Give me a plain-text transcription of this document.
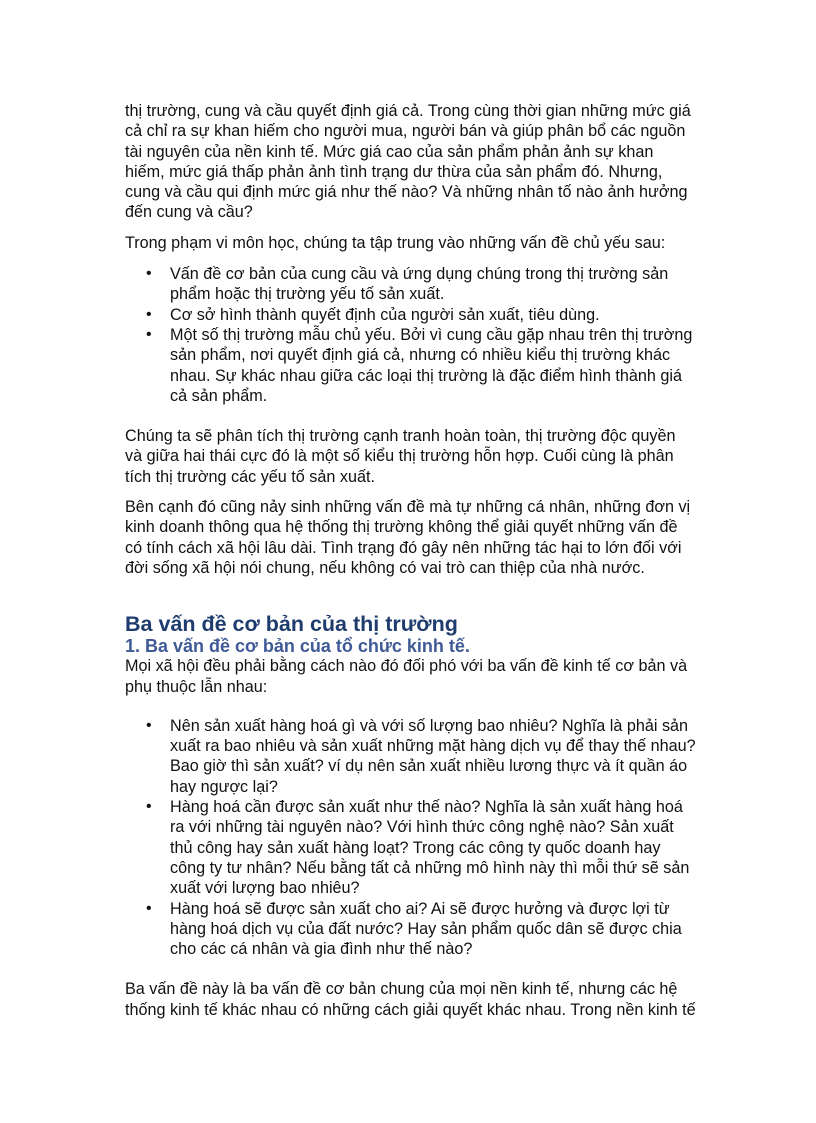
thị trường, cung và cầu quyết định giá cả. Trong cùng thời gian những mức giá cả chỉ ra sự khan hiếm cho người mua, người bán và giúp phân bổ các nguồn tài nguyên của nền kinh tế. Mức giá cao của sản phẩm phản ảnh sự khan hiếm, mức giá thấp phản ảnh tình trạng dư thừa của sản phẩm đó. Nhưng, cung và cầu qui định mức giá như thế nào? Và những nhân tố nào ảnh hưởng đến cung và cầu?

Trong phạm vi môn học, chúng ta tập trung vào những vấn đề chủ yếu sau:

• Vấn đề cơ bản của cung cầu và ứng dụng chúng trong thị trường sản phẩm hoặc thị trường yếu tố sản xuất.
• Cơ sở hình thành quyết định của người sản xuất, tiêu dùng.
• Một số thị trường mẫu chủ yếu. Bởi vì cung cầu gặp nhau trên thị trường sản phẩm, nơi quyết định giá cả, nhưng có nhiều kiểu thị trường khác nhau. Sự khác nhau giữa các loại thị trường là đặc điểm hình thành giá cả sản phẩm.

Chúng ta sẽ phân tích thị trường cạnh tranh hoàn toàn, thị trường độc quyền và giữa hai thái cực đó là một số kiểu thị trường hỗn hợp. Cuối cùng là phân tích thị trường các yếu tố sản xuất.

Bên cạnh đó cũng nảy sinh những vấn đề mà tự những cá nhân, những đơn vị kinh doanh thông qua hệ thống thị trường không thể giải quyết những vấn đề có tính cách xã hội lâu dài. Tình trạng đó gây nên những tác hại to lớn đối với đời sống xã hội nói chung, nếu không có vai trò can thiệp của nhà nước.

Ba vấn đề cơ bản của thị trường
1. Ba vấn đề cơ bản của tổ chức kinh tế.

Mọi xã hội đều phải bằng cách nào đó đối phó với ba vấn đề kinh tế cơ bản và phụ thuộc lẫn nhau:

• Nên sản xuất hàng hoá gì và với số lượng bao nhiêu? Nghĩa là phải sản xuất ra bao nhiêu và sản xuất những mặt hàng dịch vụ để thay thế nhau? Bao giờ thì sản xuất? ví dụ nên sản xuất nhiều lương thực và ít quần áo hay ngược lại?
• Hàng hoá cần được sản xuất như thế nào? Nghĩa là sản xuất hàng hoá ra với những tài nguyên nào? Với hình thức công nghệ nào? Sản xuất thủ công hay sản xuất hàng loạt? Trong các công ty quốc doanh hay công ty tư nhân? Nếu bằng tất cả những mô hình này thì mỗi thứ sẽ sản xuất với lượng bao nhiêu?
• Hàng hoá sẽ được sản xuất cho ai? Ai sẽ được hưởng và được lợi từ hàng hoá dịch vụ của đất nước? Hay sản phẩm quốc dân sẽ được chia cho các cá nhân và gia đình như thế nào?

Ba vấn đề này là ba vấn đề cơ bản chung của mọi nền kinh tế, nhưng các hệ thống kinh tế khác nhau có những cách giải quyết khác nhau. Trong nền kinh tế
